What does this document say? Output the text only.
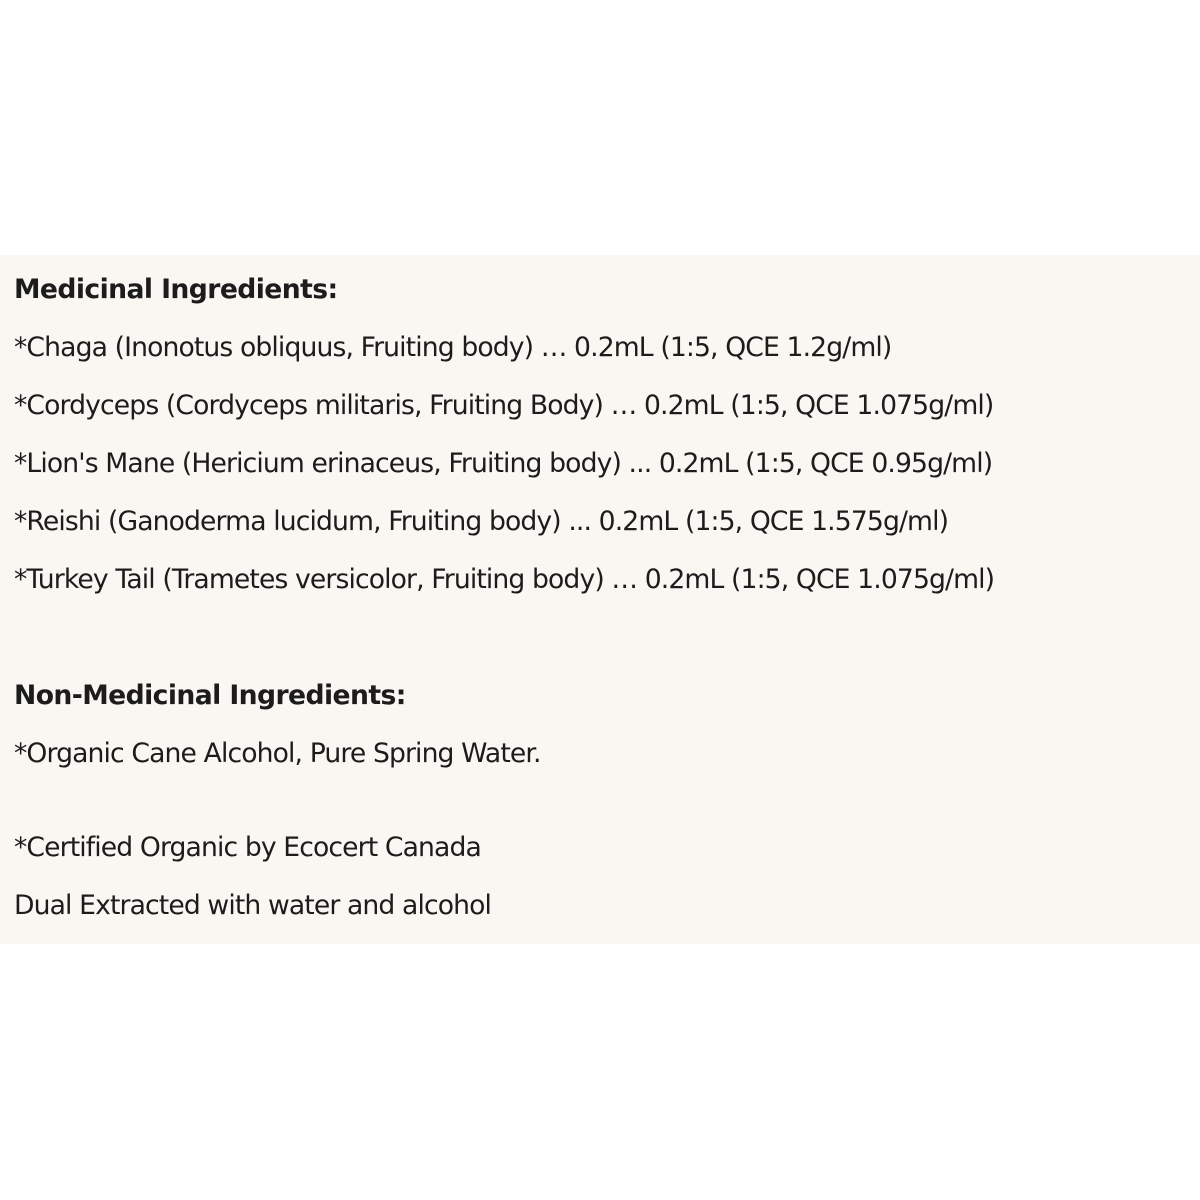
Medicinal Ingredients:
*Chaga (Inonotus obliquus, Fruiting body) … 0.2mL (1:5, QCE 1.2g/ml)
*Cordyceps (Cordyceps militaris, Fruiting Body) … 0.2mL (1:5, QCE 1.075g/ml)
*Lion's Mane (Hericium erinaceus, Fruiting body) ... 0.2mL (1:5, QCE 0.95g/ml)
*Reishi (Ganoderma lucidum, Fruiting body) ... 0.2mL (1:5, QCE 1.575g/ml)
*Turkey Tail (Trametes versicolor, Fruiting body) … 0.2mL (1:5, QCE 1.075g/ml)
Non-Medicinal Ingredients:
*Organic Cane Alcohol, Pure Spring Water.
*Certified Organic by Ecocert Canada
Dual Extracted with water and alcohol
